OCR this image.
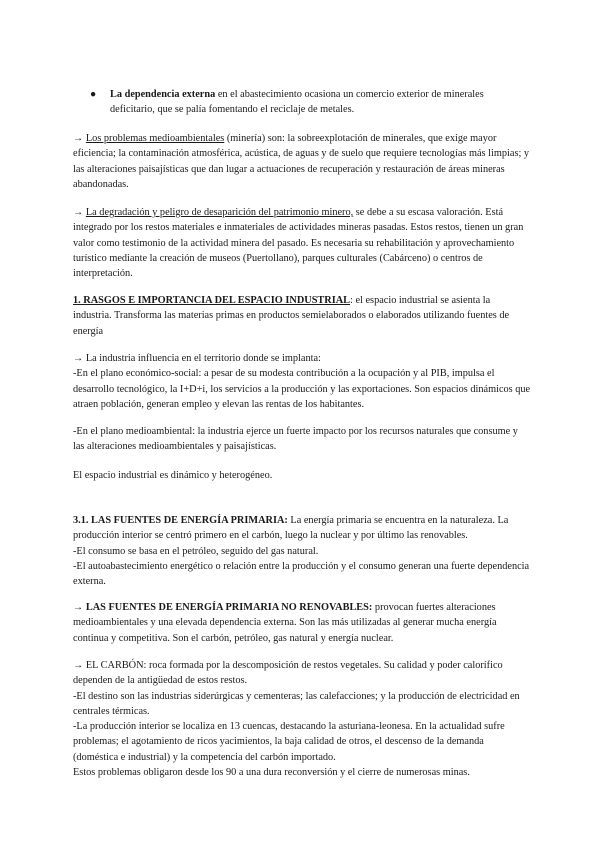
●	La dependencia externa en el abastecimiento ocasiona un comercio exterior de minerales deficitario, que se palía fomentando el reciclaje de metales.

→ Los problemas medioambientales (minería) son: la sobreexplotación de minerales, que exige mayor eficiencia; la contaminación atmosférica, acústica, de aguas y de suelo que requiere tecnologías más limpias; y las alteraciones paisajísticas que dan lugar a actuaciones de recuperación y restauración de áreas mineras abandonadas.

→ La degradación y peligro de desaparición del patrimonio minero, se debe a su escasa valoración. Está integrado por los restos materiales e inmateriales de actividades mineras pasadas. Estos restos, tienen un gran valor como testimonio de la actividad minera del pasado. Es necesaria su rehabilitación y aprovechamiento turístico mediante la creación de museos (Puertollano), parques culturales (Cabárceno) o centros de interpretación.

1. RASGOS E IMPORTANCIA DEL ESPACIO INDUSTRIAL: el espacio industrial se asienta la industria. Transforma las materias primas en productos semielaborados o elaborados utilizando fuentes de energía

→ La industria influencia en el territorio donde se implanta:
-En el plano económico-social: a pesar de su modesta contribución a la ocupación y al PIB, impulsa el desarrollo tecnológico, la I+D+i, los servicios a la producción y las exportaciones. Son espacios dinámicos que atraen población, generan empleo y elevan las rentas de los habitantes.

-En el plano medioambiental: la industria ejerce un fuerte impacto por los recursos naturales que consume y las alteraciones medioambientales y paisajísticas.

El espacio industrial es dinámico y heterogéneo.

3.1. LAS FUENTES DE ENERGÍA PRIMARIA: La energía primaria se encuentra en la naturaleza. La producción interior se centró primero en el carbón, luego la nuclear y por último las renovables.
-El consumo se basa en el petróleo, seguido del gas natural.
-El autoabastecimiento energético o relación entre la producción y el consumo generan una fuerte dependencia externa.

→ LAS FUENTES DE ENERGÍA PRIMARIA NO RENOVABLES: provocan fuertes alteraciones medioambientales y una elevada dependencia externa. Son las más utilizadas al generar mucha energía continua y competitiva. Son el carbón, petróleo, gas natural y energía nuclear.

→ EL CARBÓN: roca formada por la descomposición de restos vegetales. Su calidad y poder calorífico dependen de la antigüedad de estos restos.
-El destino son las industrias siderúrgicas y cementeras; las calefacciones; y la producción de electricidad en centrales térmicas.
-La producción interior se localiza en 13 cuencas, destacando la asturiana-leonesa. En la actualidad sufre problemas; el agotamiento de ricos yacimientos, la baja calidad de otros, el descenso de la demanda (doméstica e industrial) y la competencia del carbón importado.
Estos problemas obligaron desde los 90 a una dura reconversión y el cierre de numerosas minas.
